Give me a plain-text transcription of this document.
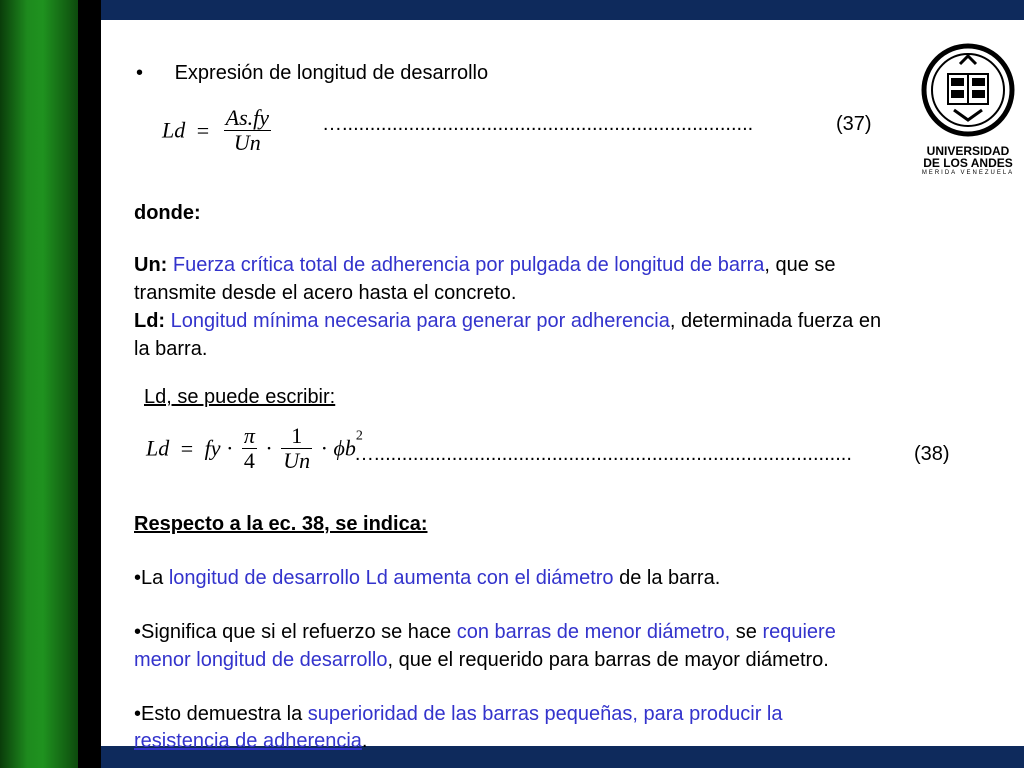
• Expresión de longitud de desarrollo
$Ld = \frac{As.fy}{Un}$	…..........................................................................	(37)
donde:
Un: Fuerza crítica total de adherencia por pulgada de longitud de barra, que se
transmite desde el acero hasta el concreto.
Ld: Longitud mínima necesaria para generar por adherencia, determinada fuerza en
la barra.
Ld, se puede escribir:
Ld = fy · $\frac{\pi}{4} \cdot \frac{1}{Un} \cdot \phi b^2$
…......................................................................................	(38)
Respecto a la ec. 38, se indica:
•La longitud de desarrollo Ld aumenta con el diámetro de la barra.
•Significa que si el refuerzo se hace con barras de menor diámetro, se requiere
menor longitud de desarrollo, que el requerido para barras de mayor diámetro.
•Esto demuestra la superioridad de las barras pequeñas, para producir la
resistencia de adherencia.
UNIVERSIDAD
DE LOS ANDES
MERIDA VENEZUELA
